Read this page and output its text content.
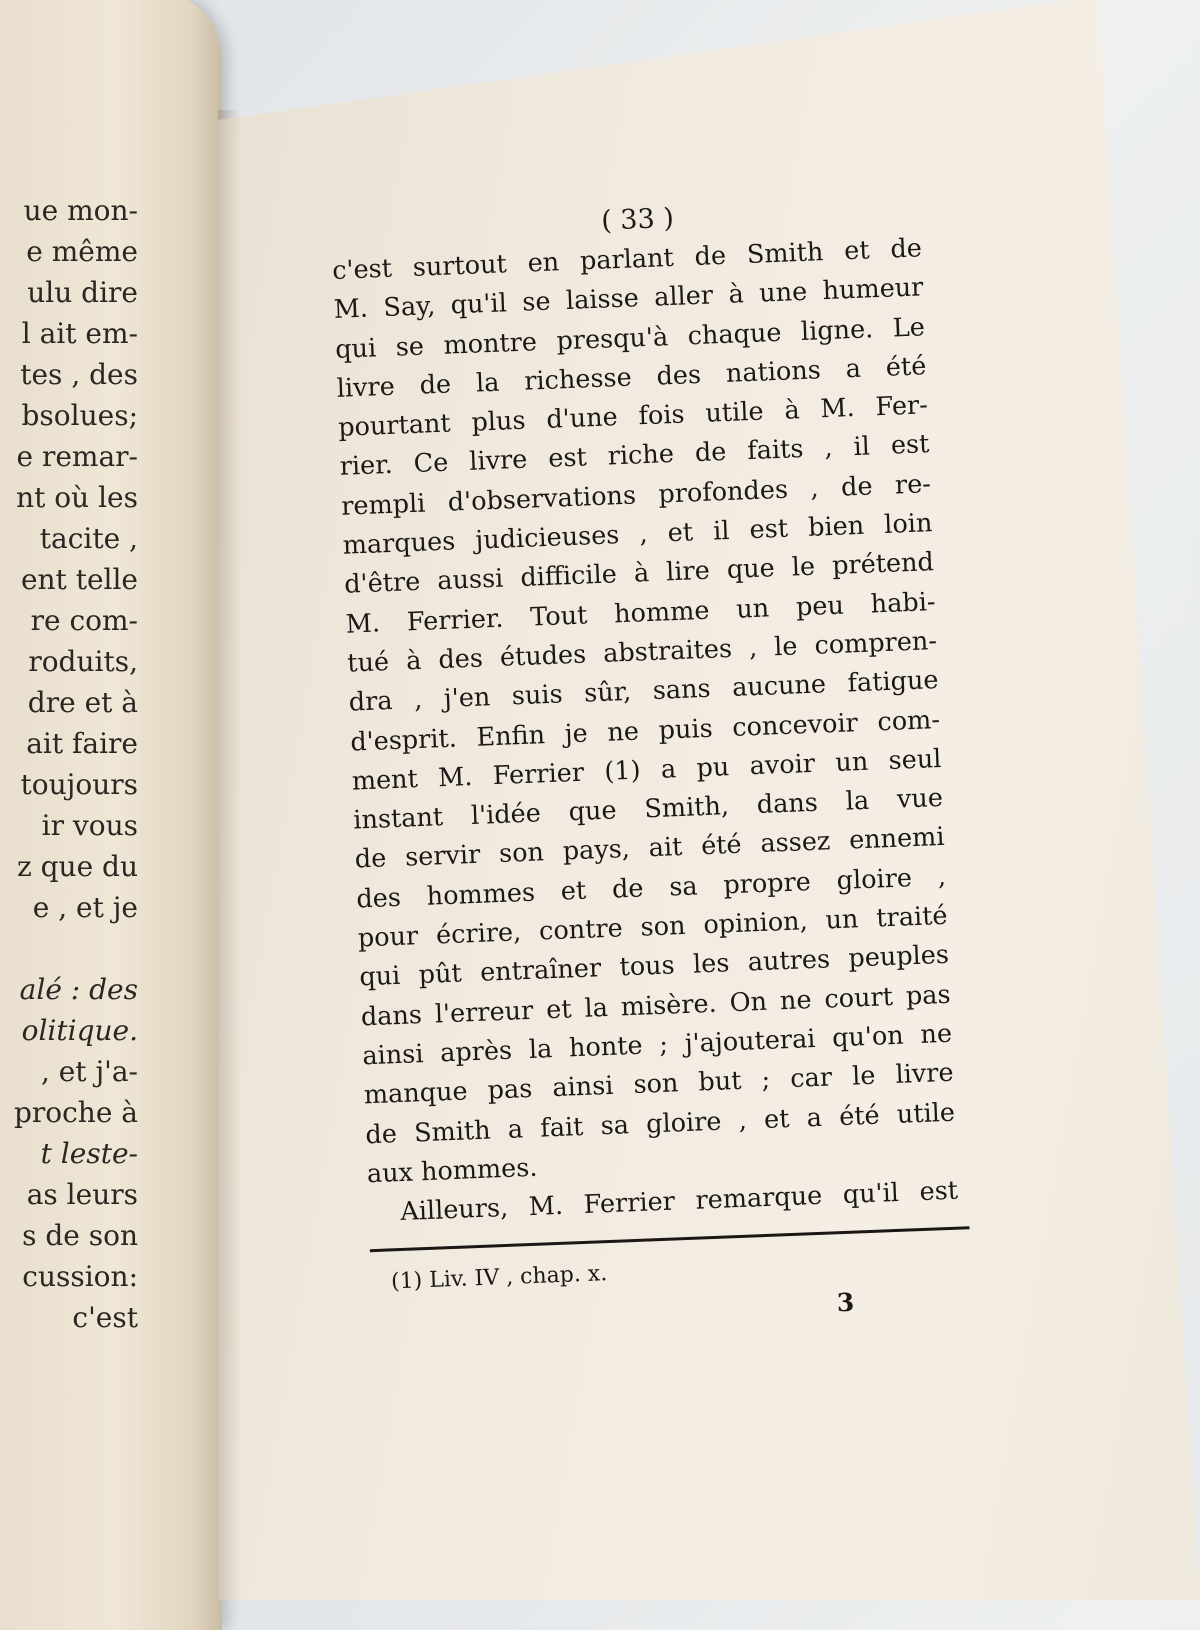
ue mon-
e même
ulu dire
l ait em-
tes , des
bsolues;
e remar-
nt où les
tacite ,
ent telle
re com-
roduits,
dre et à
ait faire
toujours
ir vous
z que du
e , et je
alé : des
olitique.
, et j'a-
proche à
t leste-
as leurs
s de son
cussion:
c'est
( 33 )
c'est surtout en parlant de Smith et de
M. Say, qu'il se laisse aller à une humeur
qui se montre presqu'à chaque ligne. Le
livre de la richesse des nations a été
pourtant plus d'une fois utile à M. Fer-
rier. Ce livre est riche de faits , il est
rempli d'observations profondes , de re-
marques judicieuses , et il est bien loin
d'être aussi difficile à lire que le prétend
M. Ferrier. Tout homme un peu habi-
tué à des études abstraites , le compren-
dra , j'en suis sûr, sans aucune fatigue
d'esprit. Enfin je ne puis concevoir com-
ment M. Ferrier (1) a pu avoir un seul
instant l'idée que Smith, dans la vue
de servir son pays, ait été assez ennemi
des hommes et de sa propre gloire ,
pour écrire, contre son opinion, un traité
qui pût entraîner tous les autres peuples
dans l'erreur et la misère. On ne court pas
ainsi après la honte ; j'ajouterai qu'on ne
manque pas ainsi son but ; car le livre
de Smith a fait sa gloire , et a été utile
aux hommes.
Ailleurs, M. Ferrier remarque qu'il est
(1) Liv. IV , chap. x.
3
